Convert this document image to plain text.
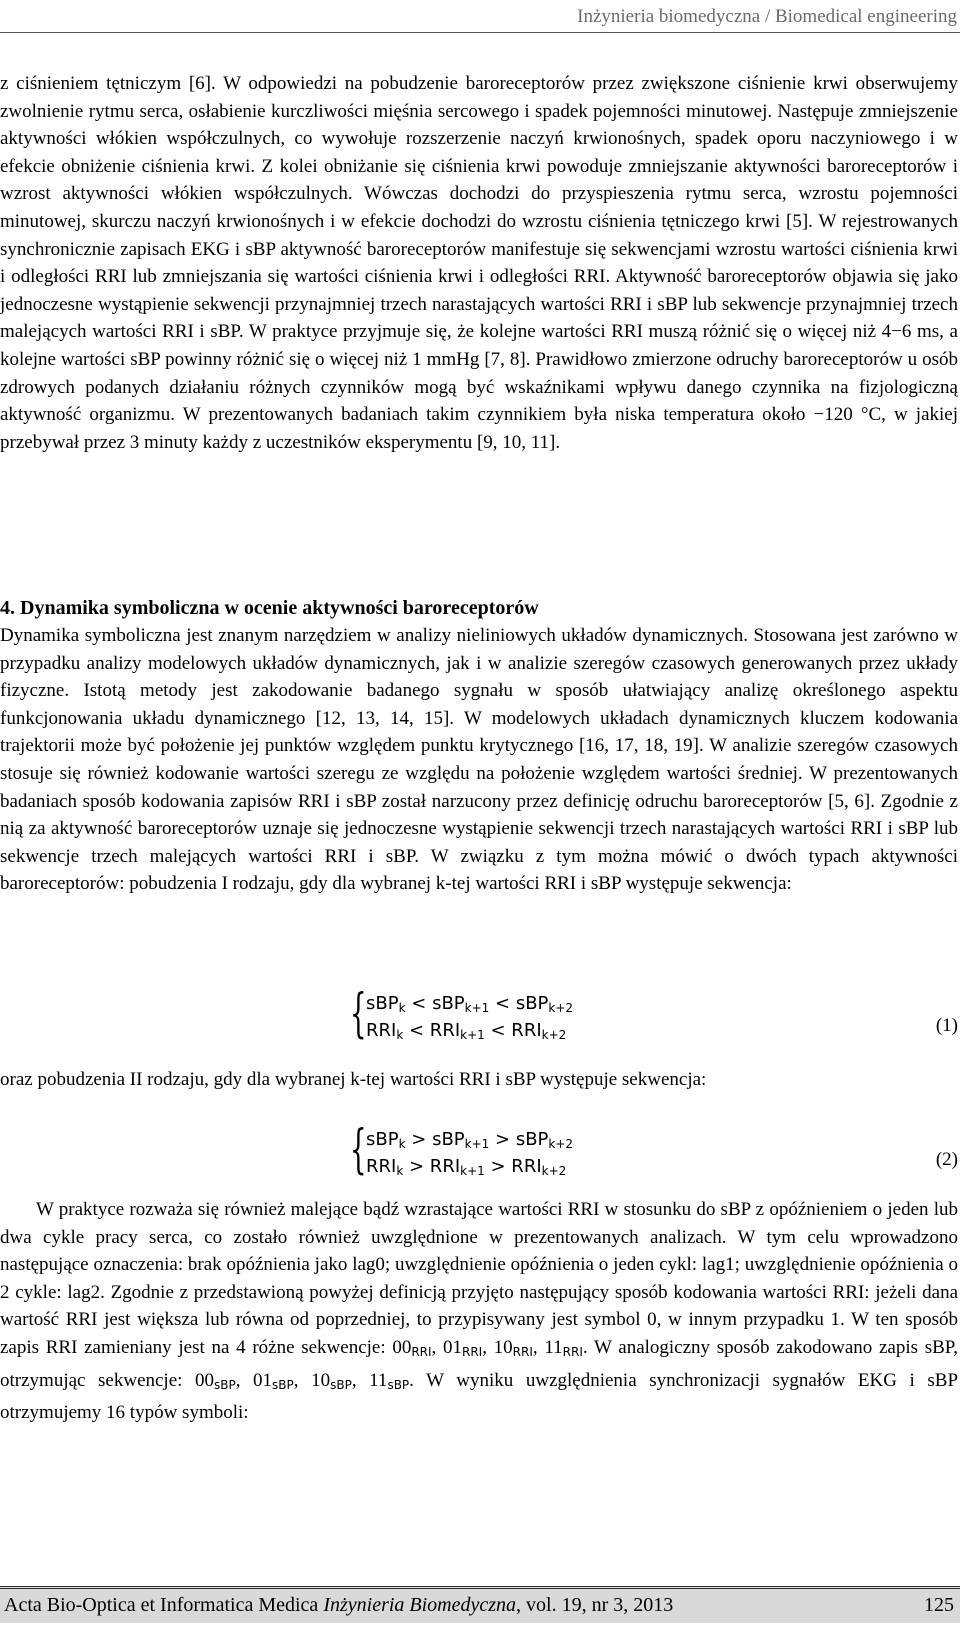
Inżynieria biomedyczna / Biomedical engineering

z ciśnieniem tętniczym [6]. W odpowiedzi na pobudzenie baroreceptorów przez zwiększone ciśnienie krwi obserwujemy zwolnienie rytmu serca, osłabienie kurczliwości mięśnia sercowego i spadek pojemności minutowej. Następuje zmniejszenie aktywności włókien współczulnych, co wywołuje rozszerzenie naczyń krwionośnych, spadek oporu naczyniowego i w efekcie obniżenie ciśnienia krwi. Z kolei obniżanie się ciśnienia krwi powoduje zmniejszanie aktywności baroreceptorów i wzrost aktywności włókien współczulnych. Wówczas dochodzi do przyspieszenia rytmu serca, wzrostu pojemności minutowej, skurczu naczyń krwionośnych i w efekcie dochodzi do wzrostu ciśnienia tętniczego krwi [5]. W rejestrowanych synchronicznie zapisach EKG i sBP aktywność baroreceptorów manifestuje się sekwencjami wzrostu wartości ciśnienia krwi i odległości RRI lub zmniejszania się wartości ciśnienia krwi i odległości RRI. Aktywność baroreceptorów objawia się jako jednoczesne wystąpienie sekwencji przynajmniej trzech narastających wartości RRI i sBP lub sekwencje przynajmniej trzech malejących wartości RRI i sBP. W praktyce przyjmuje się, że kolejne wartości RRI muszą różnić się o więcej niż 4−6 ms, a kolejne wartości sBP powinny różnić się o więcej niż 1 mmHg [7, 8]. Prawidłowo zmierzone odruchy baroreceptorów u osób zdrowych podanych działaniu różnych czynników mogą być wskaźnikami wpływu danego czynnika na fizjologiczną aktywność organizmu. W prezentowanych badaniach takim czynnikiem była niska temperatura około −120 °C, w jakiej przebywał przez 3 minuty każdy z uczestników eksperymentu [9, 10, 11].

4. Dynamika symboliczna w ocenie aktywności baroreceptorów

Dynamika symboliczna jest znanym narzędziem w analizy nieliniowych układów dynamicznych. Stosowana jest zarówno w przypadku analizy modelowych układów dynamicznych, jak i w analizie szeregów czasowych generowanych przez układy fizyczne. Istotą metody jest zakodowanie badanego sygnału w sposób ułatwiający analizę określonego aspektu funkcjonowania układu dynamicznego [12, 13, 14, 15]. W modelowych układach dynamicznych kluczem kodowania trajektorii może być położenie jej punktów względem punktu krytycznego [16, 17, 18, 19]. W analizie szeregów czasowych stosuje się również kodowanie wartości szeregu ze względu na położenie względem wartości średniej. W prezentowanych badaniach sposób kodowania zapisów RRI i sBP został narzucony przez definicję odruchu baroreceptorów [5, 6]. Zgodnie z nią za aktywność baroreceptorów uznaje się jednoczesne wystąpienie sekwencji trzech narastających wartości RRI i sBP lub sekwencje trzech malejących wartości RRI i sBP. W związku z tym można mówić o dwóch typach aktywności baroreceptorów: pobudzenia I rodzaju, gdy dla wybranej k-tej wartości RRI i sBP występuje sekwencja:

{ sBP$_k$ < sBP$_{k+1}$ < sBP$_{k+2}$
$RRI_k < RRI_{k+1} < RRI_{k+2}$	(1)

oraz pobudzenia II rodzaju, gdy dla wybranej k-tej wartości RRI i sBP występuje sekwencja:

{ sBP$_k$ > sBP$_{k+1}$ > sBP$_{k+2}$
$RRI_k > RRI_{k+1} > RRI_{k+2}$
(2)

W praktyce rozważa się również malejące bądź wzrastające wartości RRI w stosunku do sBP z opóźnieniem o jeden lub dwa cykle pracy serca, co zostało również uwzględnione w prezentowanych analizach. W tym celu wprowadzono następujące oznaczenia: brak opóźnienia jako lag0; uwzględnienie opóźnienia o jeden cykl: lag1; uwzględnienie opóźnienia o 2 cykle: lag2. Zgodnie z przedstawioną powyżej definicją przyjęto następujący sposób kodowania wartości RRI: jeżeli dana wartość RRI jest większa lub równa od poprzedniej, to przypisywany jest symbol 0, w innym przypadku 1. W ten sposób zapis RRI zamieniany jest na 4 różne sekwencje: $00_{RRI}$, $01_{RRI}$, $10_{RRI}$, $11_{RRI}$. W analogiczny sposób zakodowano zapis sBP, otrzymując sekwencje: $00_{sBP}$, $01_{sBP}$, $10_{sBP}$, $11_{sBP}$. W wyniku uwzględnienia synchronizacji sygnałów EKG i sBP otrzymujemy 16 typów symboli:

Acta Bio-Optica et Informatica Medica Inżynieria Biomedyczna, vol. 19, nr 3, 2013	125
